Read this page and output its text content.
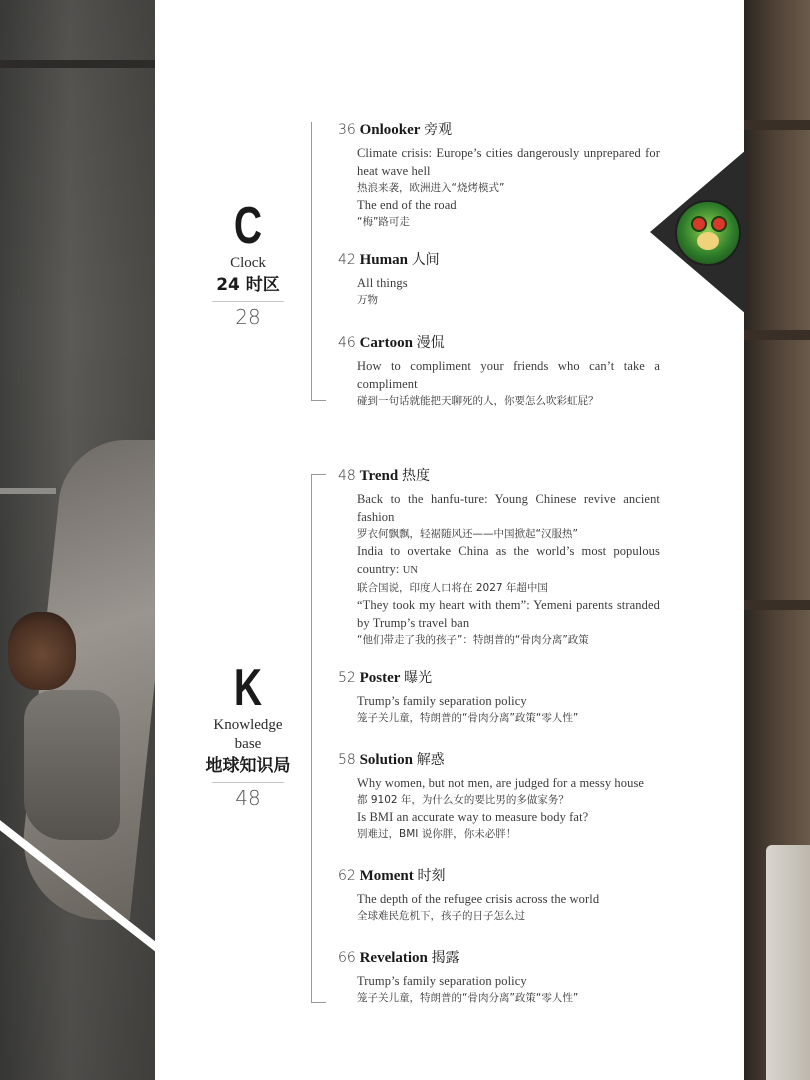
C
Clock
24 时区
28
K
Knowledge base
地球知识局
48
36 Onlooker 旁观
Climate crisis: Europe’s cities dangerously unprepared for heat wave hell
热浪来袭，欧洲进入“烧烤模式”
The end of the road
“梅”路可走
42 Human 人间
All things
万物
46 Cartoon 漫侃
How to compliment your friends who can’t take a compliment
碰到一句话就能把天聊死的人，你要怎么吹彩虹屁？
48 Trend 热度
Back to the hanfu-ture: Young Chinese revive ancient fashion
罗衣何飘飘，轻裾随风还——中国掀起“汉服热”
India to overtake China as the world’s most populous country: UN
联合国说，印度人口将在 2027 年超中国
“They took my heart with them”: Yemeni parents stranded by Trump’s travel ban
“他们带走了我的孩子”：特朗普的“骨肉分离”政策
52 Poster 曝光
Trump’s family separation policy
笼子关儿童，特朗普的“骨肉分离”政策“零人性”
58 Solution 解惑
Why women, but not men, are judged for a messy house
都 9102 年，为什么女的要比男的多做家务？
Is BMI an accurate way to measure body fat?
别难过，BMI 说你胖，你未必胖！
62 Moment 时刻
The depth of the refugee crisis across the world
全球难民危机下，孩子的日子怎么过
66 Revelation 揭露
Trump’s family separation policy
笼子关儿童，特朗普的“骨肉分离”政策“零人性”
